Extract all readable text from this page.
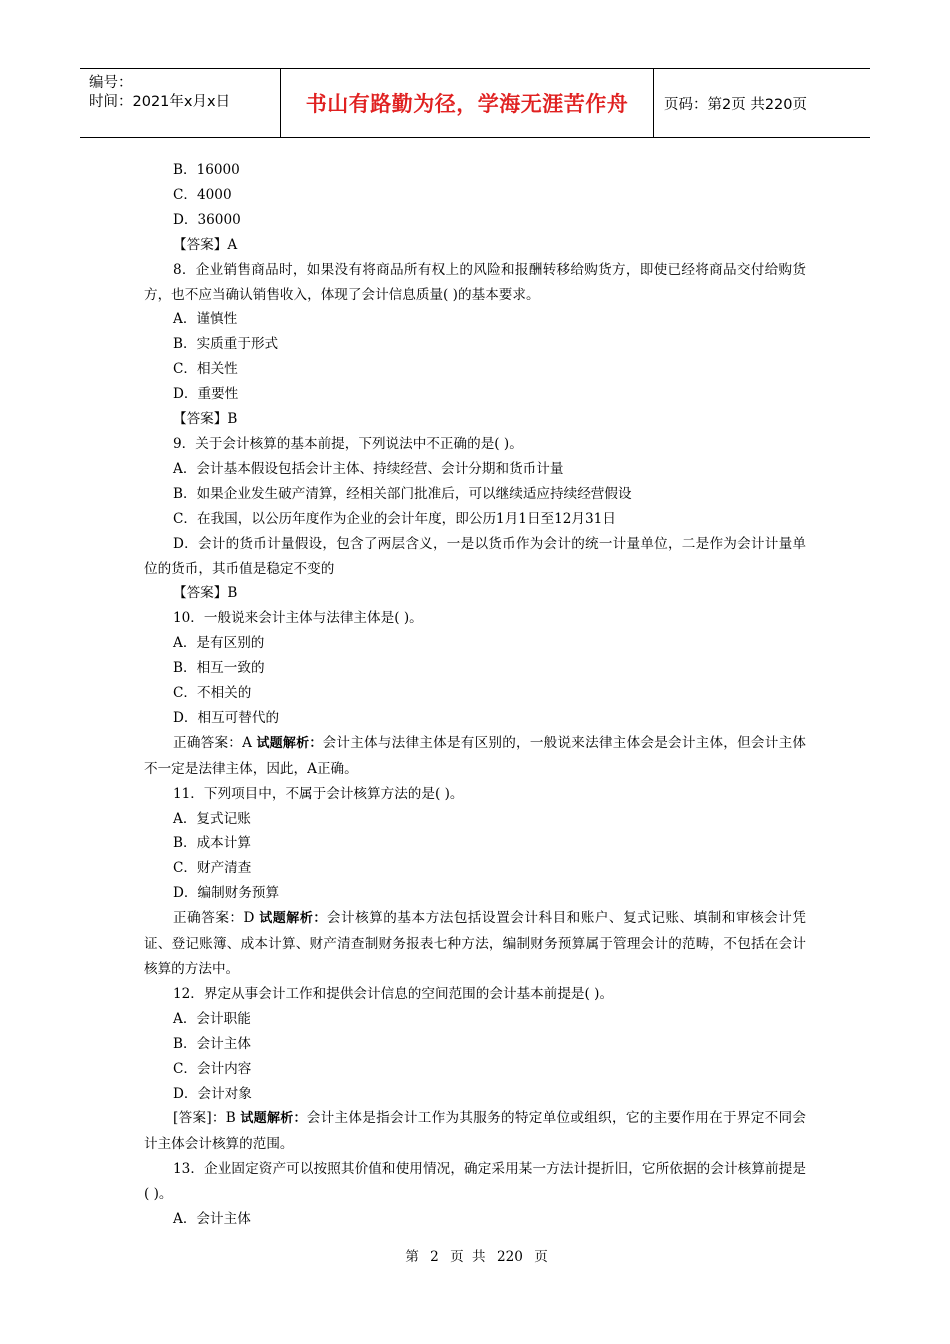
编号：
时间：2021年x月x日	书山有路勤为径，学海无涯苦作舟	页码：第2页 共220页

B．16000

C．4000

D．36000

【答案】A

8．企业销售商品时，如果没有将商品所有权上的风险和报酬转移给购货方，即使已经将商品交付给购货方，也不应当确认销售收入，体现了会计信息质量( )的基本要求。

A．谨慎性

B．实质重于形式

C．相关性

D．重要性

【答案】B

9．关于会计核算的基本前提，下列说法中不正确的是( )。

A．会计基本假设包括会计主体、持续经营、会计分期和货币计量

B．如果企业发生破产清算，经相关部门批准后，可以继续适应持续经营假设

C．在我国，以公历年度作为企业的会计年度，即公历1月1日至12月31日

D．会计的货币计量假设，包含了两层含义，一是以货币作为会计的统一计量单位，二是作为会计计量单位的货币，其币值是稳定不变的

【答案】B

10．一般说来会计主体与法律主体是( )。

A．是有区别的

B．相互一致的

C．不相关的

D．相互可替代的

正确答案：A 试题解析：会计主体与法律主体是有区别的，一般说来法律主体会是会计主体，但会计主体不一定是法律主体，因此，A正确。

11．下列项目中，不属于会计核算方法的是( )。

A．复式记账

B．成本计算

C．财产清查

D．编制财务预算

正确答案：D 试题解析：会计核算的基本方法包括设置会计科目和账户、复式记账、填制和审核会计凭证、登记账簿、成本计算、财产清查制财务报表七种方法，编制财务预算属于管理会计的范畴，不包括在会计核算的方法中。

12．界定从事会计工作和提供会计信息的空间范围的会计基本前提是( )。

A．会计职能

B．会计主体

C．会计内容

D．会计对象

[答案]：B 试题解析：会计主体是指会计工作为其服务的特定单位或组织，它的主要作用在于界定不同会计主体会计核算的范围。

13．企业固定资产可以按照其价值和使用情况，确定采用某一方法计提折旧，它所依据的会计核算前提是( )。

A．会计主体

第 2 页 共 220 页
